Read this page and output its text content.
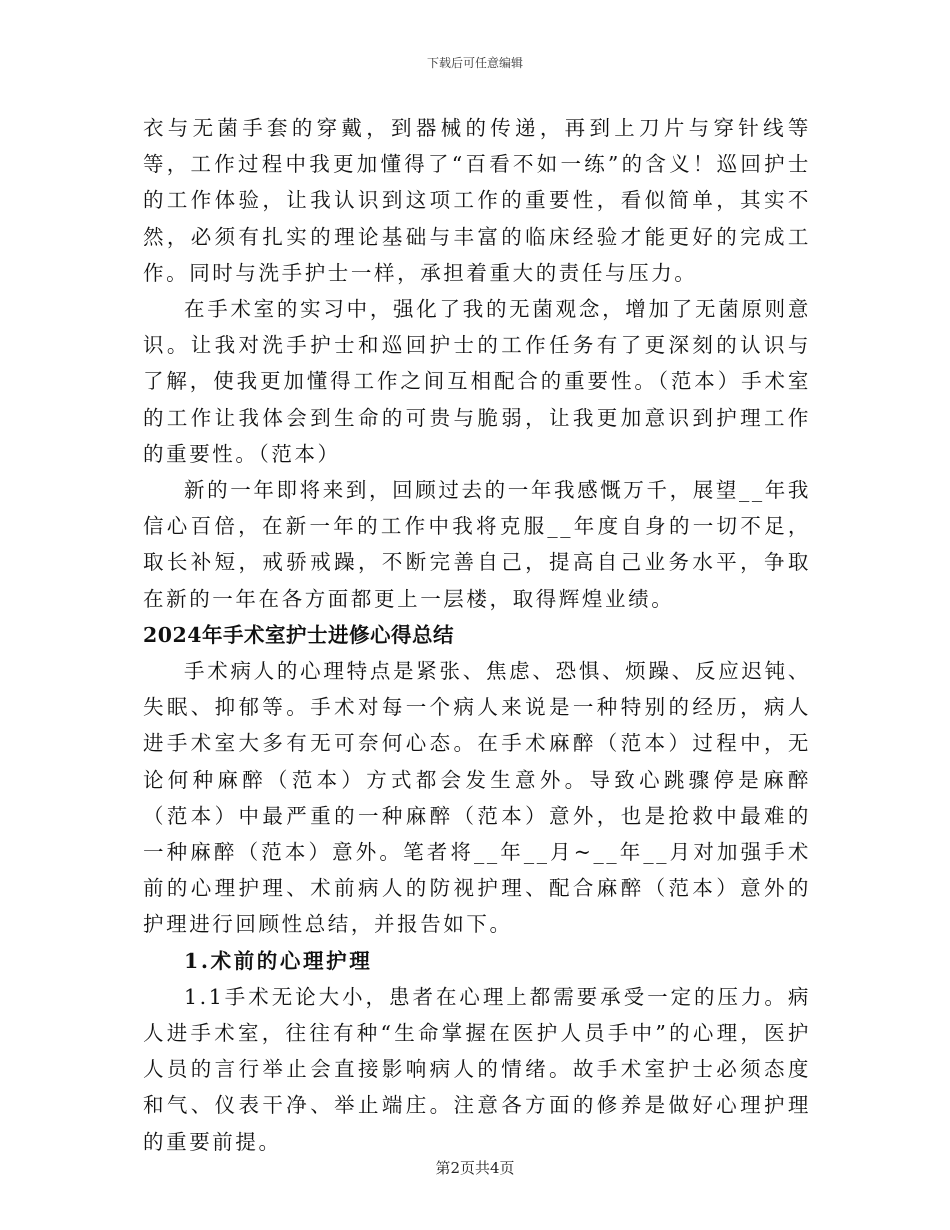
下载后可任意编辑

衣与无菌手套的穿戴，到器械的传递，再到上刀片与穿针线等等，工作过程中我更加懂得了“百看不如一练”的含义！巡回护士的工作体验，让我认识到这项工作的重要性，看似简单，其实不然，必须有扎实的理论基础与丰富的临床经验才能更好的完成工作。同时与洗手护士一样，承担着重大的责任与压力。

在手术室的实习中，强化了我的无菌观念，增加了无菌原则意识。让我对洗手护士和巡回护士的工作任务有了更深刻的认识与了解，使我更加懂得工作之间互相配合的重要性。（范本）手术室的工作让我体会到生命的可贵与脆弱，让我更加意识到护理工作的重要性。（范本）

新的一年即将来到，回顾过去的一年我感慨万千，展望__年我信心百倍，在新一年的工作中我将克服__年度自身的一切不足，取长补短，戒骄戒躁，不断完善自己，提高自己业务水平，争取在新的一年在各方面都更上一层楼，取得辉煌业绩。

2024年手术室护士进修心得总结

手术病人的心理特点是紧张、焦虑、恐惧、烦躁、反应迟钝、失眠、抑郁等。手术对每一个病人来说是一种特别的经历，病人进手术室大多有无可奈何心态。在手术麻醉（范本）过程中，无论何种麻醉（范本）方式都会发生意外。导致心跳骤停是麻醉（范本）中最严重的一种麻醉（范本）意外，也是抢救中最难的一种麻醉（范本）意外。笔者将__年__月~__年__月对加强手术前的心理护理、术前病人的防视护理、配合麻醉（范本）意外的护理进行回顾性总结，并报告如下。

1.术前的心理护理

1.1手术无论大小，患者在心理上都需要承受一定的压力。病人进手术室，往往有种“生命掌握在医护人员手中”的心理，医护人员的言行举止会直接影响病人的情绪。故手术室护士必须态度和气、仪表干净、举止端庄。注意各方面的修养是做好心理护理的重要前提。

第2页共4页
